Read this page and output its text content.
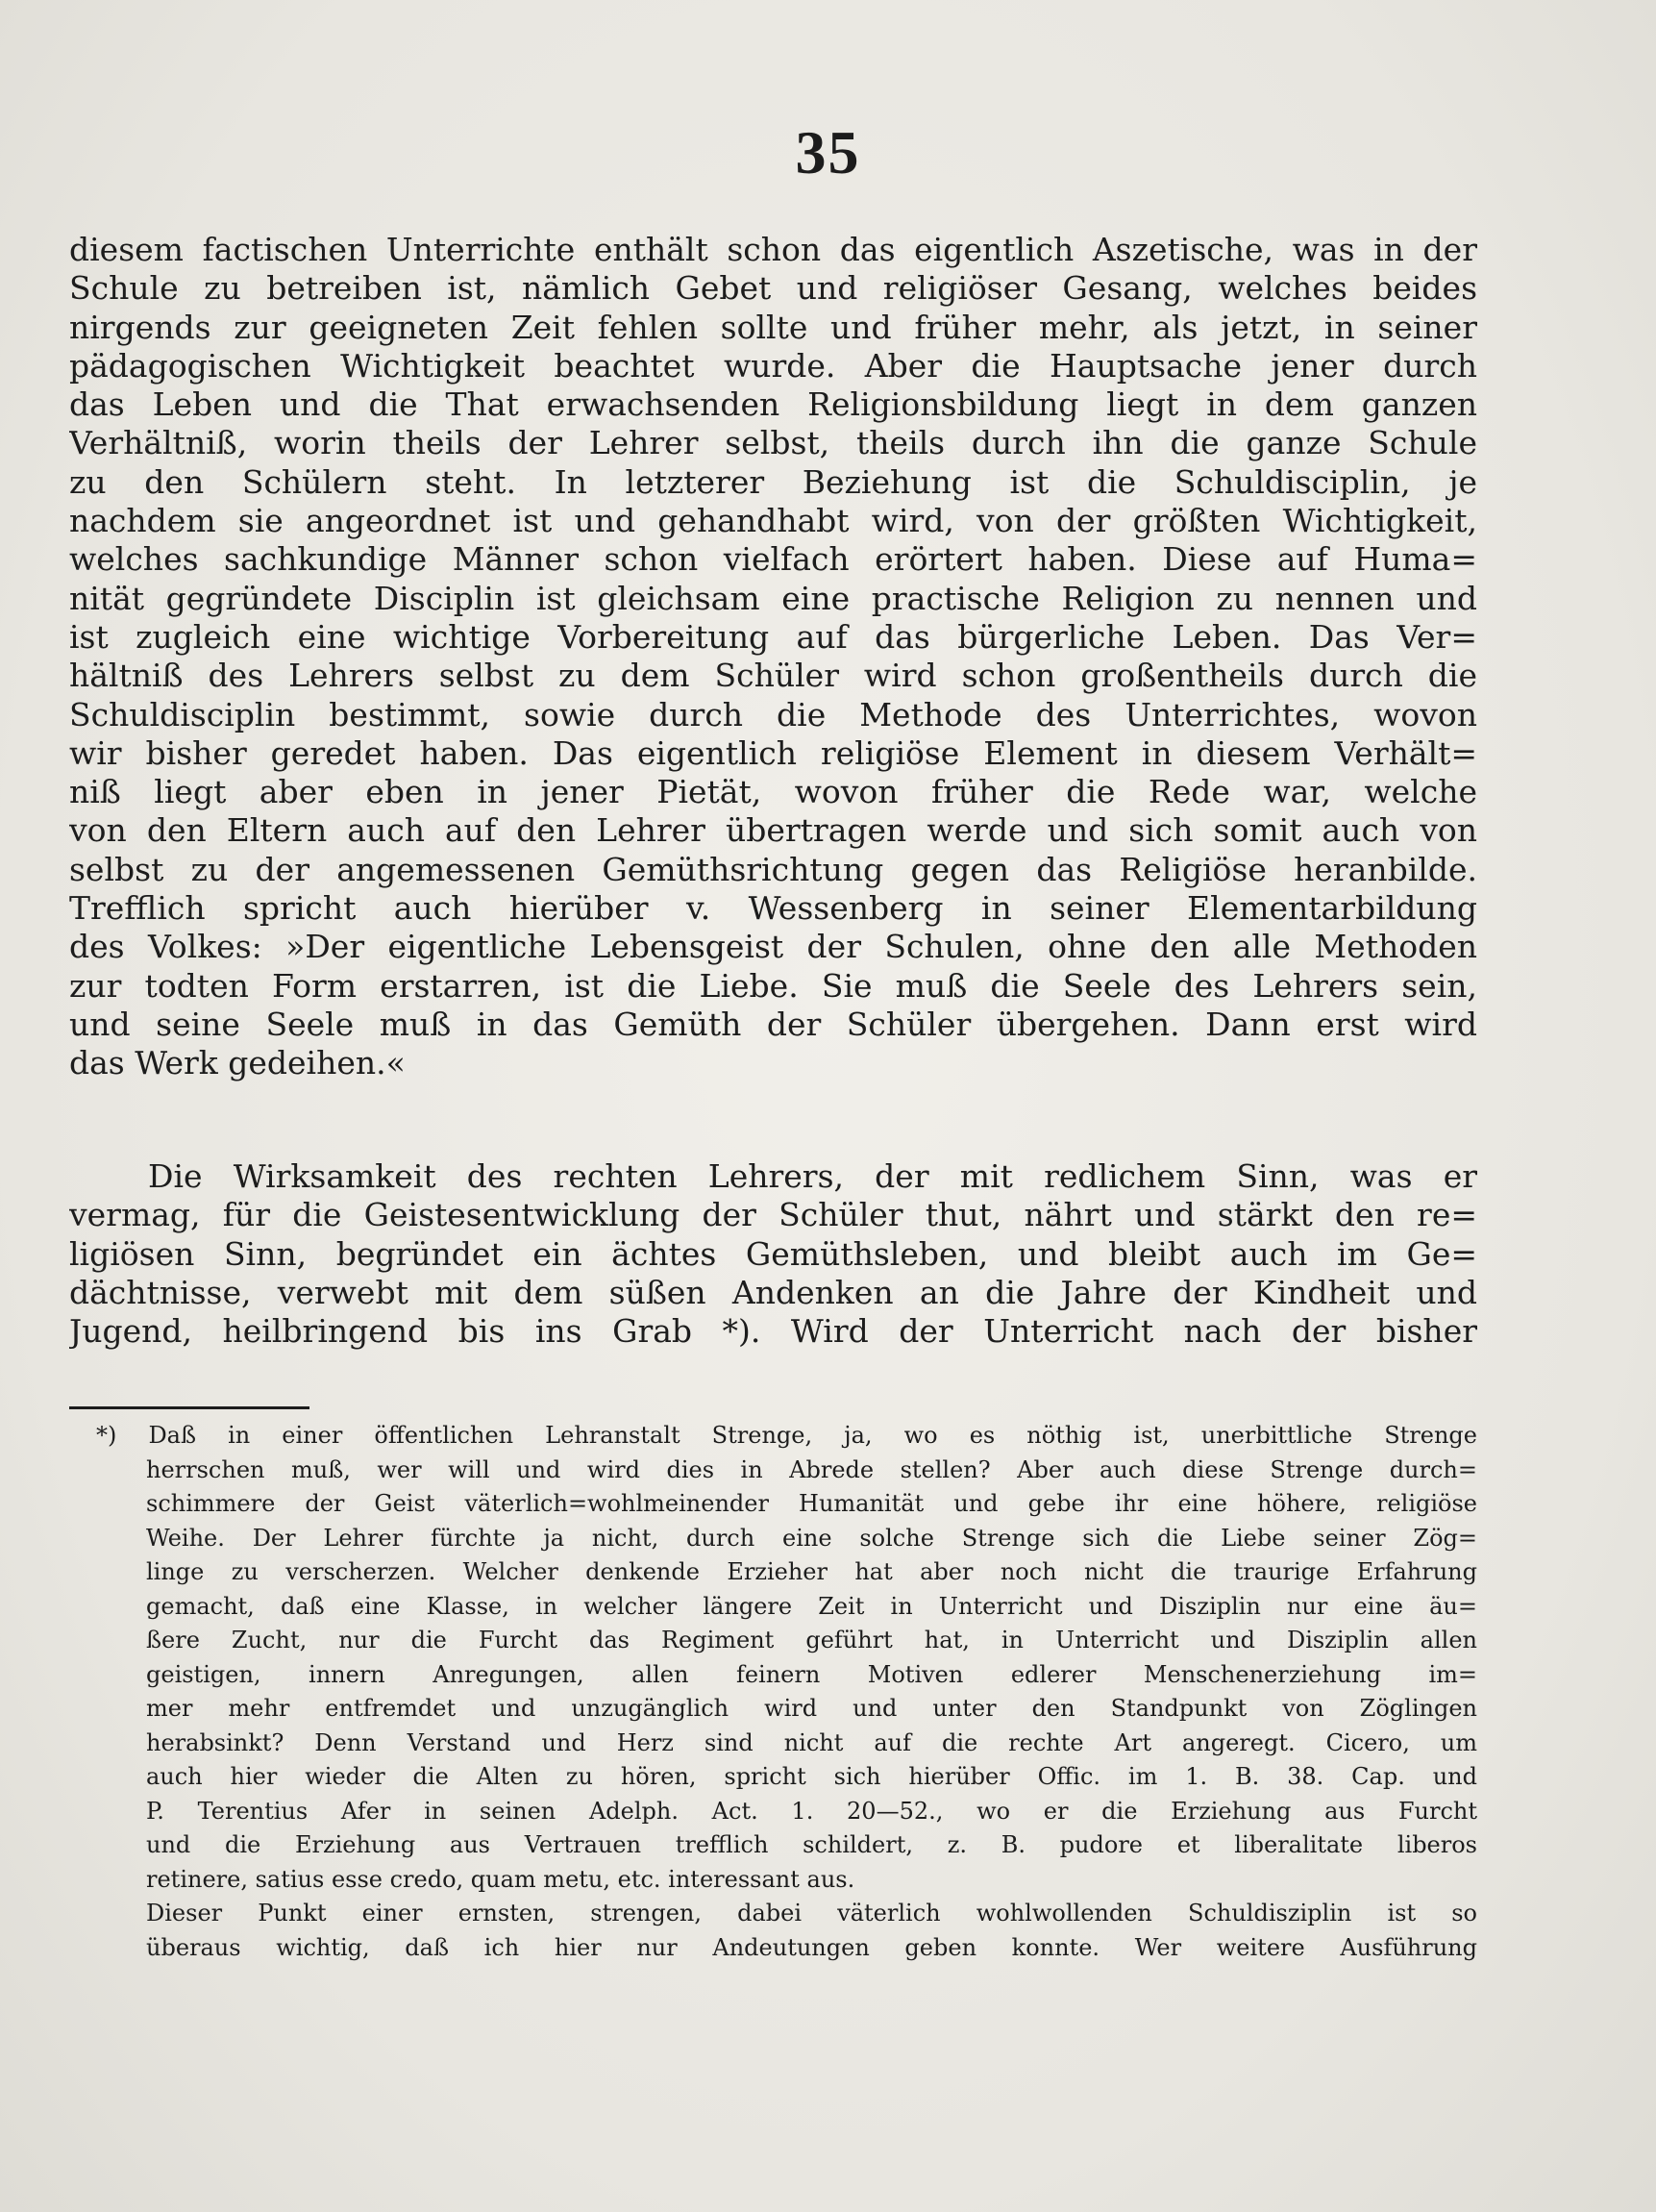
35
diesem factischen Unterrichte enthält schon das eigentlich Aszetische, was in der
Schule zu betreiben ist, nämlich Gebet und religiöser Gesang, welches beides
nirgends zur geeigneten Zeit fehlen sollte und früher mehr, als jetzt, in seiner
pädagogischen Wichtigkeit beachtet wurde. Aber die Hauptsache jener durch
das Leben und die That erwachsenden Religionsbildung liegt in dem ganzen
Verhältniß, worin theils der Lehrer selbst, theils durch ihn die ganze Schule
zu den Schülern steht. In letzterer Beziehung ist die Schuldisciplin, je
nachdem sie angeordnet ist und gehandhabt wird, von der größten Wichtigkeit,
welches sachkundige Männer schon vielfach erörtert haben. Diese auf Huma=
nität gegründete Disciplin ist gleichsam eine practische Religion zu nennen und
ist zugleich eine wichtige Vorbereitung auf das bürgerliche Leben. Das Ver=
hältniß des Lehrers selbst zu dem Schüler wird schon großentheils durch die
Schuldisciplin bestimmt, sowie durch die Methode des Unterrichtes, wovon
wir bisher geredet haben. Das eigentlich religiöse Element in diesem Verhält=
niß liegt aber eben in jener Pietät, wovon früher die Rede war, welche
von den Eltern auch auf den Lehrer übertragen werde und sich somit auch von
selbst zu der angemessenen Gemüthsrichtung gegen das Religiöse heranbilde.
Trefflich spricht auch hierüber v. Wessenberg in seiner Elementarbildung
des Volkes: »Der eigentliche Lebensgeist der Schulen, ohne den alle Methoden
zur todten Form erstarren, ist die Liebe. Sie muß die Seele des Lehrers sein,
und seine Seele muß in das Gemüth der Schüler übergehen. Dann erst wird
das Werk gedeihen.«
Die Wirksamkeit des rechten Lehrers, der mit redlichem Sinn, was er
vermag, für die Geistesentwicklung der Schüler thut, nährt und stärkt den re=
ligiösen Sinn, begründet ein ächtes Gemüthsleben, und bleibt auch im Ge=
dächtnisse, verwebt mit dem süßen Andenken an die Jahre der Kindheit und
Jugend, heilbringend bis ins Grab *). Wird der Unterricht nach der bisher
*) Daß in einer öffentlichen Lehranstalt Strenge, ja, wo es nöthig ist, unerbittliche Strenge
herrschen muß, wer will und wird dies in Abrede stellen? Aber auch diese Strenge durch=
schimmere der Geist väterlich=wohlmeinender Humanität und gebe ihr eine höhere, religiöse
Weihe. Der Lehrer fürchte ja nicht, durch eine solche Strenge sich die Liebe seiner Zög=
linge zu verscherzen. Welcher denkende Erzieher hat aber noch nicht die traurige Erfahrung
gemacht, daß eine Klasse, in welcher längere Zeit in Unterricht und Disziplin nur eine äu=
ßere Zucht, nur die Furcht das Regiment geführt hat, in Unterricht und Disziplin allen
geistigen, innern Anregungen, allen feinern Motiven edlerer Menschenerziehung im=
mer mehr entfremdet und unzugänglich wird und unter den Standpunkt von Zöglingen
herabsinkt? Denn Verstand und Herz sind nicht auf die rechte Art angeregt. Cicero, um
auch hier wieder die Alten zu hören, spricht sich hierüber Offic. im 1. B. 38. Cap. und
P. Terentius Afer in seinen Adelph. Act. 1. 20—52., wo er die Erziehung aus Furcht
und die Erziehung aus Vertrauen trefflich schildert, z. B. pudore et liberalitate liberos
retinere, satius esse credo, quam metu, etc. interessant aus.
Dieser Punkt einer ernsten, strengen, dabei väterlich wohlwollenden Schuldisziplin ist so
überaus wichtig, daß ich hier nur Andeutungen geben konnte. Wer weitere Ausführung
